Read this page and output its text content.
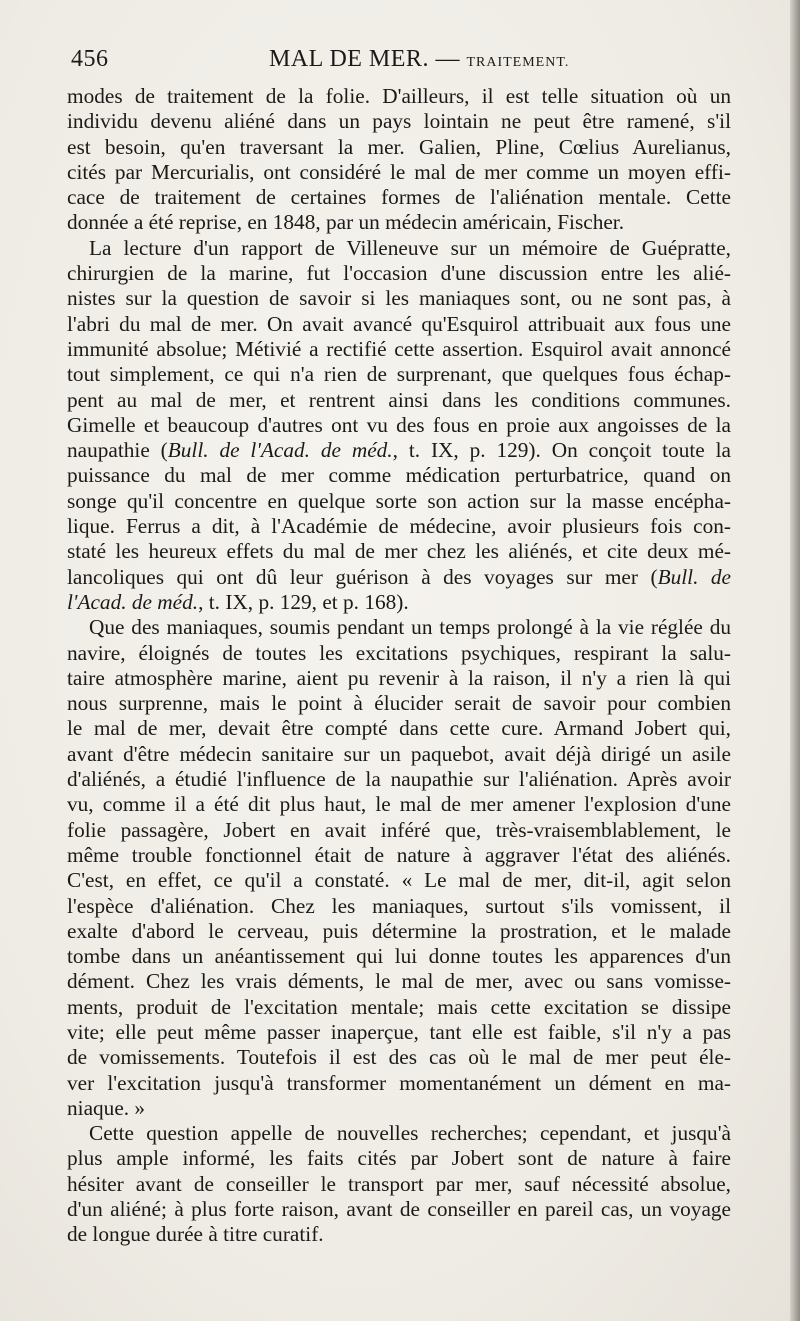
456	MAL DE MER. — TRAITEMENT.
modes de traitement de la folie. D'ailleurs, il est telle situation où un
individu devenu aliéné dans un pays lointain ne peut être ramené, s'il
est besoin, qu'en traversant la mer. Galien, Pline, Cœlius Aurelianus,
cités par Mercurialis, ont considéré le mal de mer comme un moyen effi-
cace de traitement de certaines formes de l'aliénation mentale. Cette
donnée a été reprise, en 1848, par un médecin américain, Fischer.
La lecture d'un rapport de Villeneuve sur un mémoire de Guépratte,
chirurgien de la marine, fut l'occasion d'une discussion entre les alié-
nistes sur la question de savoir si les maniaques sont, ou ne sont pas, à
l'abri du mal de mer. On avait avancé qu'Esquirol attribuait aux fous une
immunité absolue; Métivié a rectifié cette assertion. Esquirol avait annoncé
tout simplement, ce qui n'a rien de surprenant, que quelques fous échap-
pent au mal de mer, et rentrent ainsi dans les conditions communes.
Gimelle et beaucoup d'autres ont vu des fous en proie aux angoisses de la
naupathie (Bull. de l'Acad. de méd., t. IX, p. 129). On conçoit toute la
puissance du mal de mer comme médication perturbatrice, quand on
songe qu'il concentre en quelque sorte son action sur la masse encépha-
lique. Ferrus a dit, à l'Académie de médecine, avoir plusieurs fois con-
staté les heureux effets du mal de mer chez les aliénés, et cite deux mé-
lancoliques qui ont dû leur guérison à des voyages sur mer (Bull. de
l'Acad. de méd., t. IX, p. 129, et p. 168).
Que des maniaques, soumis pendant un temps prolongé à la vie réglée du
navire, éloignés de toutes les excitations psychiques, respirant la salu-
taire atmosphère marine, aient pu revenir à la raison, il n'y a rien là qui
nous surprenne, mais le point à élucider serait de savoir pour combien
le mal de mer, devait être compté dans cette cure. Armand Jobert qui,
avant d'être médecin sanitaire sur un paquebot, avait déjà dirigé un asile
d'aliénés, a étudié l'influence de la naupathie sur l'aliénation. Après avoir
vu, comme il a été dit plus haut, le mal de mer amener l'explosion d'une
folie passagère, Jobert en avait inféré que, très-vraisemblablement, le
même trouble fonctionnel était de nature à aggraver l'état des aliénés.
C'est, en effet, ce qu'il a constaté. « Le mal de mer, dit-il, agit selon
l'espèce d'aliénation. Chez les maniaques, surtout s'ils vomissent, il
exalte d'abord le cerveau, puis détermine la prostration, et le malade
tombe dans un anéantissement qui lui donne toutes les apparences d'un
dément. Chez les vrais déments, le mal de mer, avec ou sans vomisse-
ments, produit de l'excitation mentale; mais cette excitation se dissipe
vite; elle peut même passer inaperçue, tant elle est faible, s'il n'y a pas
de vomissements. Toutefois il est des cas où le mal de mer peut éle-
ver l'excitation jusqu'à transformer momentanément un dément en ma-
niaque. »
Cette question appelle de nouvelles recherches; cependant, et jusqu'à
plus ample informé, les faits cités par Jobert sont de nature à faire
hésiter avant de conseiller le transport par mer, sauf nécessité absolue,
d'un aliéné; à plus forte raison, avant de conseiller en pareil cas, un voyage
de longue durée à titre curatif.
